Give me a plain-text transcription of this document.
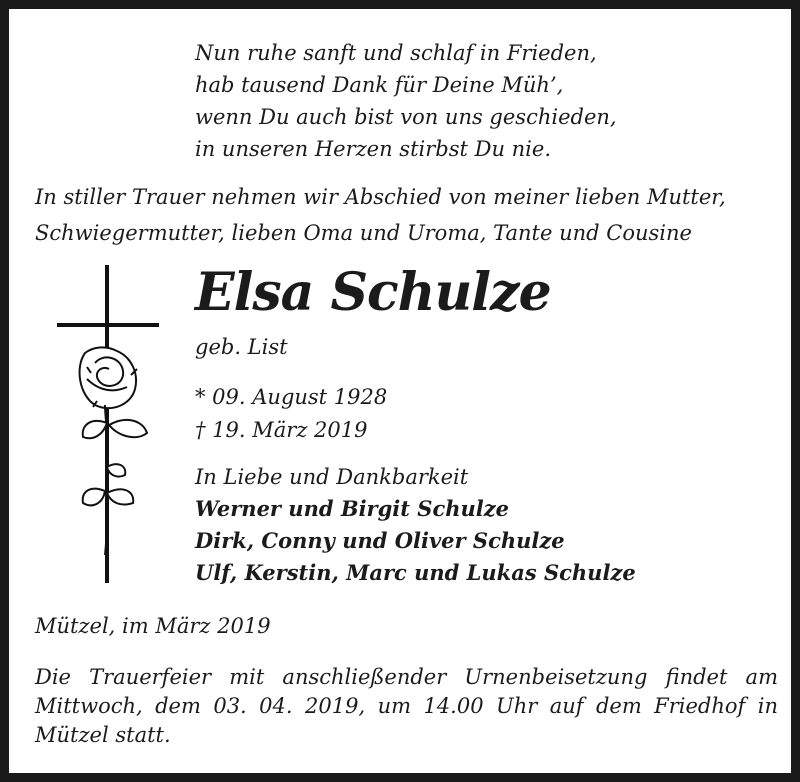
Nun ruhe sanft und schlaf in Frieden,
hab tausend Dank für Deine Müh’,
wenn Du auch bist von uns geschieden,
in unseren Herzen stirbst Du nie.
In stiller Trauer nehmen wir Abschied von meiner lieben Mutter,
Schwiegermutter, lieben Oma und Uroma, Tante und Cousine
Elsa Schulze
geb. List
* 09. August 1928
† 19. März 2019
In Liebe und Dankbarkeit
Werner und Birgit Schulze
Dirk, Conny und Oliver Schulze
Ulf, Kerstin, Marc und Lukas Schulze
Mützel, im März 2019
Die Trauerfeier mit anschließender Urnenbeisetzung findet am
Mittwoch, dem 03. 04. 2019, um 14.00 Uhr auf dem Friedhof in
Mützel statt.
